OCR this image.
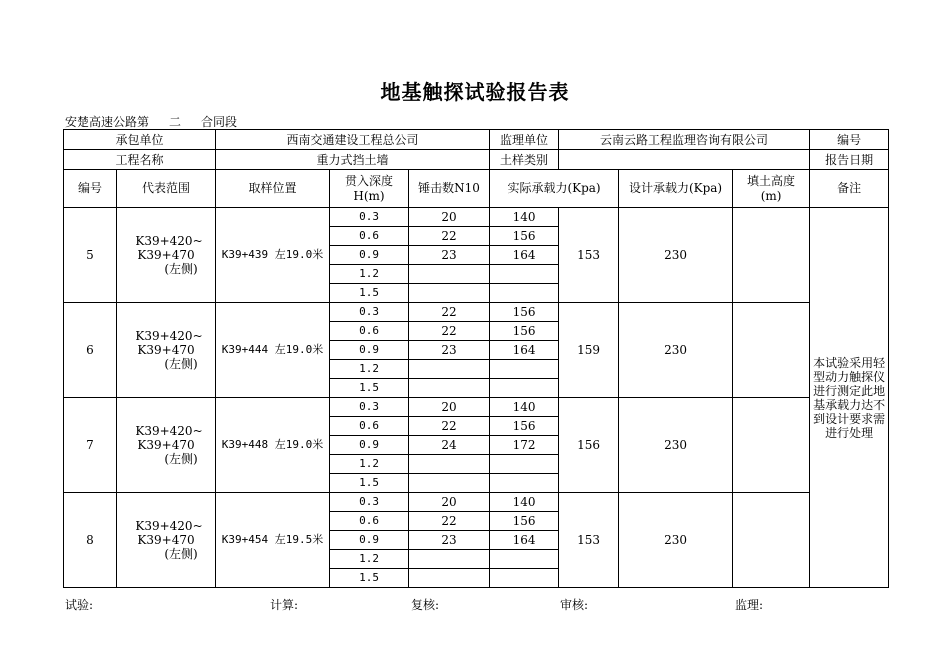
地基触探试验报告表
安楚高速公路第 二 合同段
承包单位		西南交通建设工程总公司			监理单位	云南云路工程监理咨询有限公司			编号	
工程名称		重力式挡土墙			土样类别				报告日期	
编号	代表范围	取样位置	贯入深度
H(m)	锤击数N10	实际承载力(Kpa)		设计承载力(Kpa)	填土高度
(m)	备注	
5	K39+420~
K39+470
(左侧)	K39+439 左19.0米	0.3	20	140	153	230		本试验采用轻型动力触探仪进行测定此地基承载力达不到设计要求需进行处理	
			0.6	22	156					
			0.9	23	164					
			1.2							
			1.5							
6	K39+420~
K39+470
(左侧)	K39+444 左19.0米	0.3	22	156	159	230			
			0.6	22	156					
			0.9	23	164					
			1.2							
			1.5							
7	K39+420~
K39+470
(左侧)	K39+448 左19.0米	0.3	20	140	156	230			
			0.6	22	156					
			0.9	24	172					
			1.2							
			1.5							
8	K39+420~
K39+470
(左侧)	K39+454 左19.5米	0.3	20	140	153	230			
			0.6	22	156					
			0.9	23	164					
			1.2							
			1.5							
试验:	计算:	复核:	审核:	监理:
